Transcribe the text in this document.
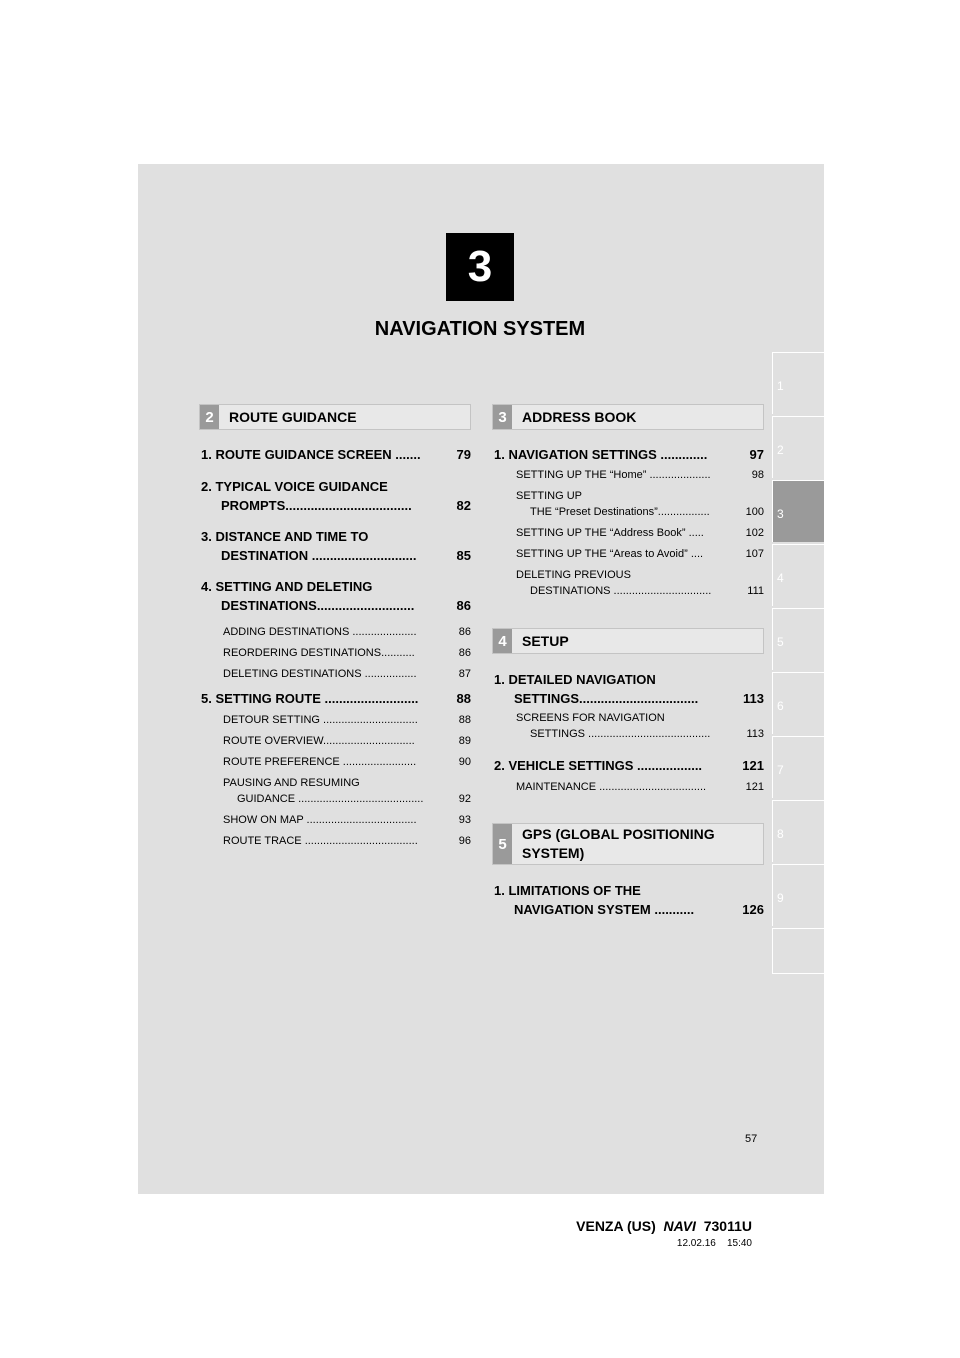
3
NAVIGATION SYSTEM
1
2
3
4
5
6
7
8
9
2	ROUTE GUIDANCE
1. ROUTE GUIDANCE SCREEN .......	79
2. TYPICAL VOICE GUIDANCE
PROMPTS...................................	82
3. DISTANCE AND TIME TO
DESTINATION .............................	85
4. SETTING AND DELETING
DESTINATIONS...........................	86
ADDING DESTINATIONS .....................	86
REORDERING DESTINATIONS...........	86
DELETING DESTINATIONS .................	87
5. SETTING ROUTE ..........................	88
DETOUR SETTING ...............................	88
ROUTE OVERVIEW..............................	89
ROUTE PREFERENCE ........................	90
PAUSING AND RESUMING
GUIDANCE .........................................	92
SHOW ON MAP ....................................	93
ROUTE TRACE .....................................	96
3	ADDRESS BOOK
1. NAVIGATION SETTINGS .............	97
SETTING UP THE “Home” ....................	98
SETTING UP
THE “Preset Destinations”.................	100
SETTING UP THE “Address Book” .....	102
SETTING UP THE “Areas to Avoid” ....	107
DELETING PREVIOUS
DESTINATIONS ................................	111
4	SETUP
1. DETAILED NAVIGATION
SETTINGS.................................	113
SCREENS FOR NAVIGATION
SETTINGS ........................................	113
2. VEHICLE SETTINGS ..................	121
MAINTENANCE ...................................	121
5
GPS (GLOBAL POSITIONING
SYSTEM)
1. LIMITATIONS OF THE
NAVIGATION SYSTEM ...........	126
57
VENZA (US) NAVI 73011U
12.02.16 15:40
